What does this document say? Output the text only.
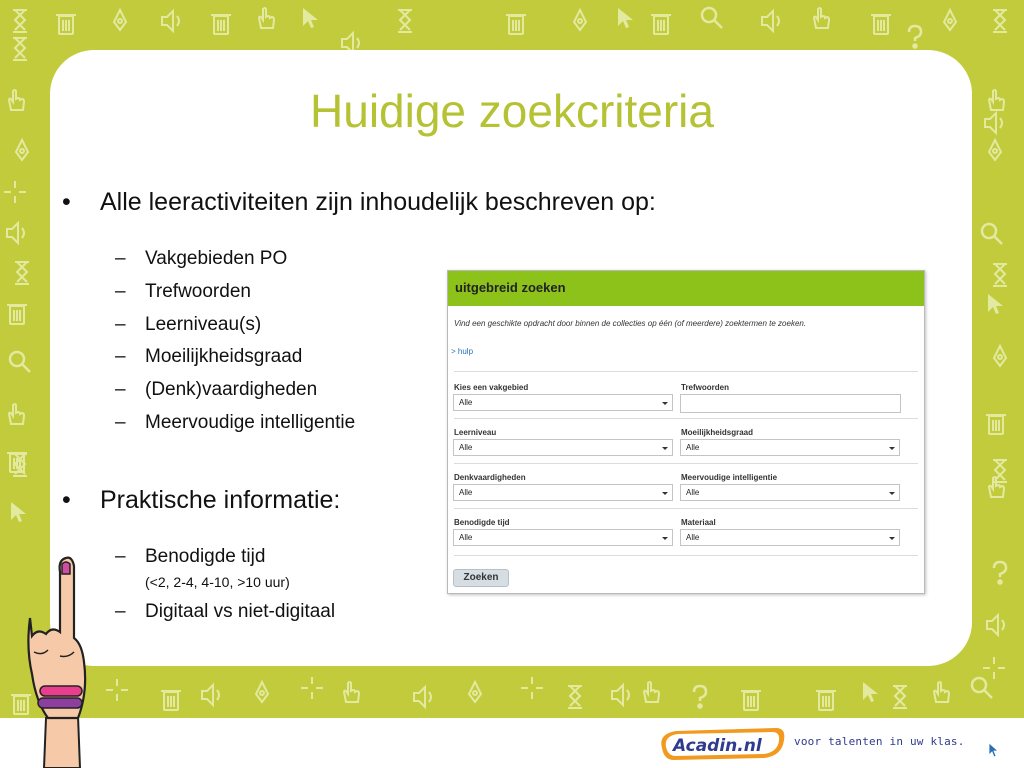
Huidige zoekcriteria
• Alle leeractiviteiten zijn inhoudelijk beschreven op:
– Vakgebieden PO
– Trefwoorden
– Leerniveau(s)
– Moeilijkheidsgraad
– (Denk)vaardigheden
– Meervoudige intelligentie
• Praktische informatie:
– Benodigde tijd
(<2, 2-4, 4-10, >10 uur)
– Digitaal vs niet-digitaal
uitgebreid zoeken
Vind een geschikte opdracht door binnen de collecties op één (of meerdere) zoektermen te zoeken.
> hulp
Kies een vakgebied
Alle
Trefwoorden
Leerniveau
Alle
Moeilijkheidsgraad
Alle
Denkvaardigheden
Alle
Meervoudige intelligentie
Alle
Benodigde tijd
Alle
Materiaal
Alle
Zoeken
Acadin.nl	voor talenten in uw klas.
